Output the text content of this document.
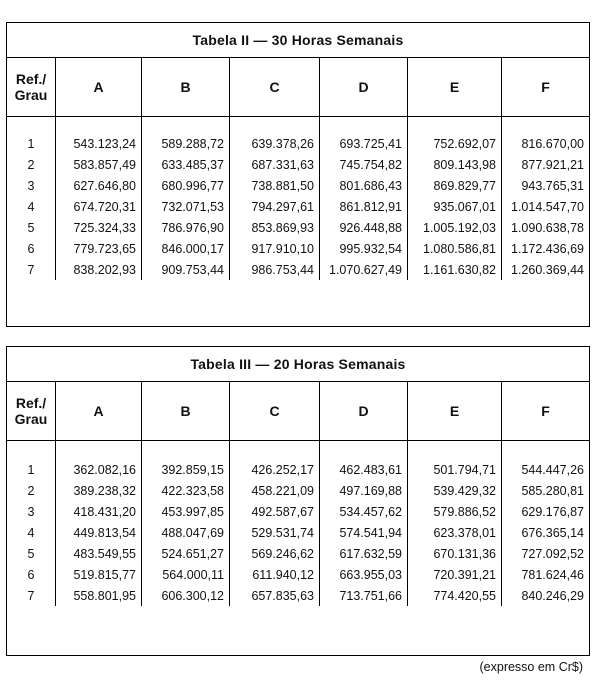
Tabela II — 30 Horas Semanais
Ref./
Grau	A	B	C	D	E	F
1	543.123,24	589.288,72	639.378,26	693.725,41	752.692,07	816.670,00
2	583.857,49	633.485,37	687.331,63	745.754,82	809.143,98	877.921,21
3	627.646,80	680.996,77	738.881,50	801.686,43	869.829,77	943.765,31
4	674.720,31	732.071,53	794.297,61	861.812,91	935.067,01	1.014.547,70
5	725.324,33	786.976,90	853.869,93	926.448,88	1.005.192,03	1.090.638,78
6	779.723,65	846.000,17	917.910,10	995.932,54	1.080.586,81	1.172.436,69
7	838.202,93	909.753,44	986.753,44	1.070.627,49	1.161.630,82	1.260.369,44
Tabela III — 20 Horas Semanais
Ref./
Grau	A	B	C	D	E	F
1	362.082,16	392.859,15	426.252,17	462.483,61	501.794,71	544.447,26
2	389.238,32	422.323,58	458.221,09	497.169,88	539.429,32	585.280,81
3	418.431,20	453.997,85	492.587,67	534.457,62	579.886,52	629.176,87
4	449.813,54	488.047,69	529.531,74	574.541,94	623.378,01	676.365,14
5	483.549,55	524.651,27	569.246,62	617.632,59	670.131,36	727.092,52
6	519.815,77	564.000,11	611.940,12	663.955,03	720.391,21	781.624,46
7	558.801,95	606.300,12	657.835,63	713.751,66	774.420,55	840.246,29
(expresso em Cr$)
